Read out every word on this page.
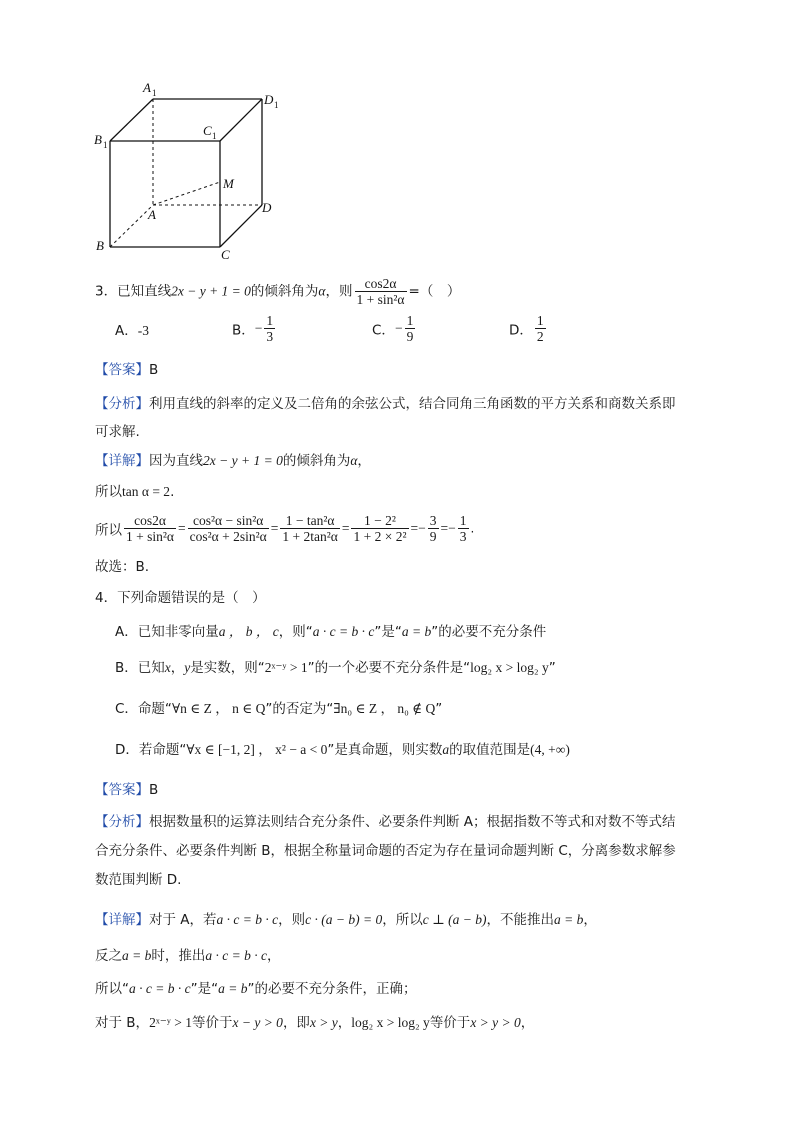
A 1	D 1
B 1
C 1
M
A	D
B
C
3．已知直线2x − y + 1 = 0的倾斜角为α，则 $\frac{\cos 2\alpha}{\text{1 + sin²α}}$ =（　）
A．-3	B．− $\frac{1}{3}$	C．− $\frac{1}{9}$	D． $\frac{1}{2}$
【答案】B
【分析】利用直线的斜率的定义及二倍角的余弦公式，结合同角三角函数的平方关系和商数关系即
可求解.
【详解】因为直线2x − y + 1 = 0的倾斜角为α，
所以tan α = 2.
所以 $\frac{\cos 2\alpha}{\text{1 + sin²α}} = \frac{\text{cos²α − sin²α}}{\text{cos²α + 2sin²α}} = \frac{\text{1 − tan²α}}{\text{1 + 2tan²α}} = \frac{\text{1 − 2²}}{\text{1 + 2 × 2²}} =- \frac{3}{9} =- \frac{1}{3}$ .
故选：B.
4．下列命题错误的是（　）
A．已知非零向量a ， b ， c，则“a · c = b · c”是“a = b”的必要不充分条件
B．已知x，y是实数，则“2ˣ⁻ʸ > 1”的一个必要不充分条件是“log₂ x > log₂ y”
C．命题“∀n ∈ Z ， n ∈ Q”的否定为“∃n₀ ∈ Z ， n₀ ∉ Q”
D．若命题“∀x ∈ [−1, 2] ， x² − a < 0”是真命题，则实数a的取值范围是(4, +∞)
【答案】B
【分析】根据数量积的运算法则结合充分条件、必要条件判断 A；根据指数不等式和对数不等式结
合充分条件、必要条件判断 B，根据全称量词命题的否定为存在量词命题判断 C，分离参数求解参
数范围判断 D.
【详解】对于 A，若a · c = b · c，则c · (a − b) = 0，所以c ⊥ (a − b)，不能推出a = b，
反之a = b时，推出a · c = b · c，
所以“a · c = b · c”是“a = b”的必要不充分条件，正确；
对于 B，2ˣ⁻ʸ > 1等价于x − y > 0，即x > y，log₂ x > log₂ y等价于x > y > 0，
